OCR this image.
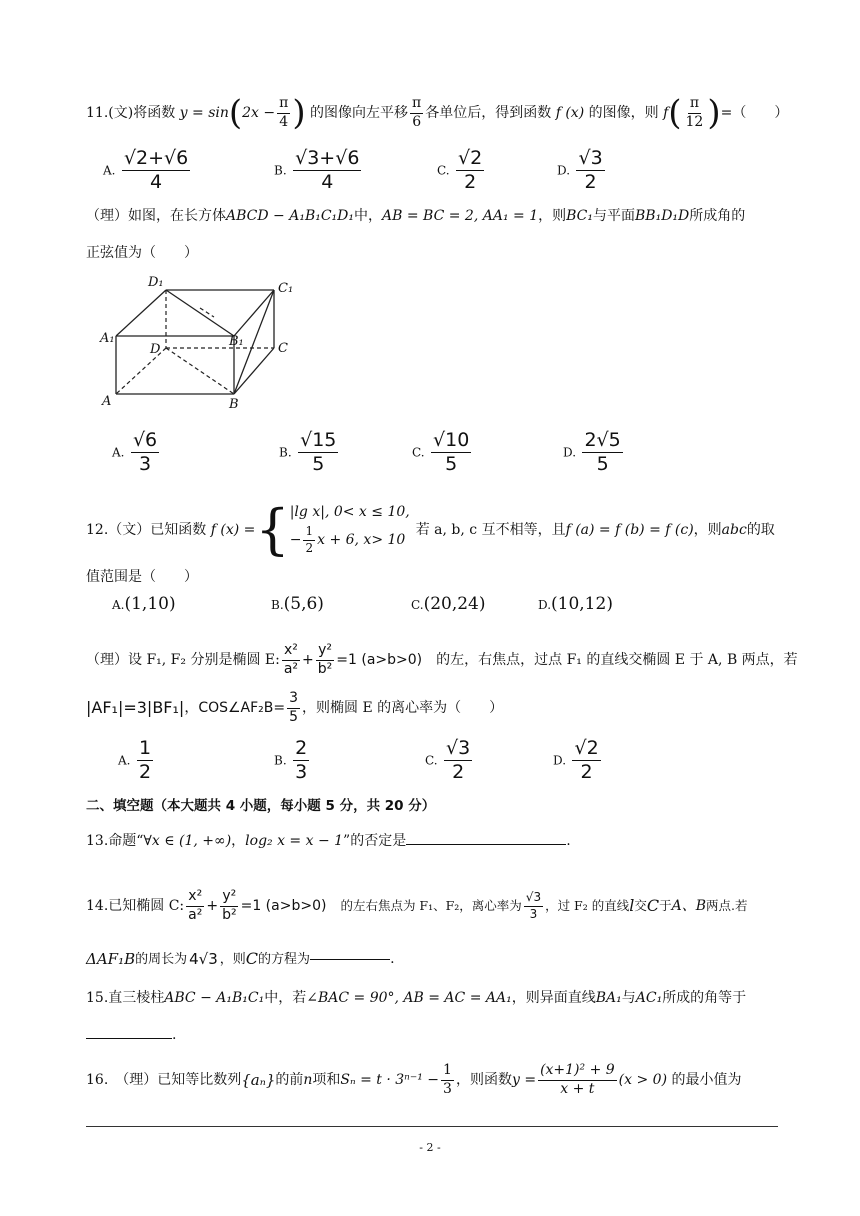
11.(文)将函数 $y = \sin(2x - \frac{\pi}{4}$ ) 的图像向左平移 $\frac{\pi}{6}$ 各单位后，得到函数 f (x) 的图像，则 $f( \frac{\pi}{12}$ )=（　　）
A. $\frac{√2+√6}{4}$	B. $\frac{√3+√6}{4}$	C. $\frac{√2}{2}$	D. $\frac{√3}{2}$
（理）如图，在长方体ABCD − A₁B₁C₁D₁中，AB = BC = 2, AA₁ = 1，则BC₁与平面BB₁D₁D所成角的
正弦值为（　　）
D₁	C₁
A₁	B₁
D	C
A	B
A. $\frac{√6}{3}$	B. $\frac{√15}{5}$	C. $\frac{√10}{5}$	D. $\frac{2√5}{5}$
12.（文）已知函数
f (x) = { |lg x|, 0< x ≤ 10,
− $\frac{1}{2}$ x + 6, x> 10
若 a, b, c 互不相等，且 f (a) = f (b) = f (c) ，则 abc 的取
值范围是（　　）
A.(1,10)	B.(5,6)	C.(20,24)	D.(10,12)
（理）设 F₁, F₂ 分别是椭圆 E: $\frac{\text{x²}}{\text{a²}} + \frac{\text{y²}}{\text{b²}} =1$ (a>b>0) 的左，右焦点，过点 F₁ 的直线交椭圆 E 于 A, B 两点，若
|AF₁|=3|BF₁| ， COS∠AF₂B= $\frac{3}{5}$ ，则椭圆 E 的离心率为（　　）
A. $\frac{1}{2}$	B. $\frac{2}{3}$	C. $\frac{√3}{2}$	D. $\frac{√2}{2}$
二、填空题（本大题共 4 小题，每小题 5 分，共 20 分）
13.命题“∀x ∈ (1, +∞)，log₂ x = x − 1”的否定是	.
14.已知椭圆 C: $\frac{\text{x²}}{\text{a²}} + \frac{\text{y²}}{\text{b²}} =1$ (a>b>0) 的左右焦点为 F₁、F₂，离心率为 $\frac{√3}{3}$ ，过 F₂ 的直线 l 交 C 于 A、B 两点.若
ΔAF₁B 的周长为 4√3 ，则 C 的方程为	.
15.直三棱柱ABC − A₁B₁C₁中，若∠BAC = 90°, AB = AC = AA₁，则异面直线BA₁与AC₁所成的角等于
.
16.　（理）已知等比数列 {aₙ} 的前 n 项和 $S_n = t \cdot 3^{n-1} - \frac{1}{3}$ ，则函数 $y = \frac{\text{(x+1)² + 9}}{x + t} (x > 0)$
的最小值为
- 2 -
